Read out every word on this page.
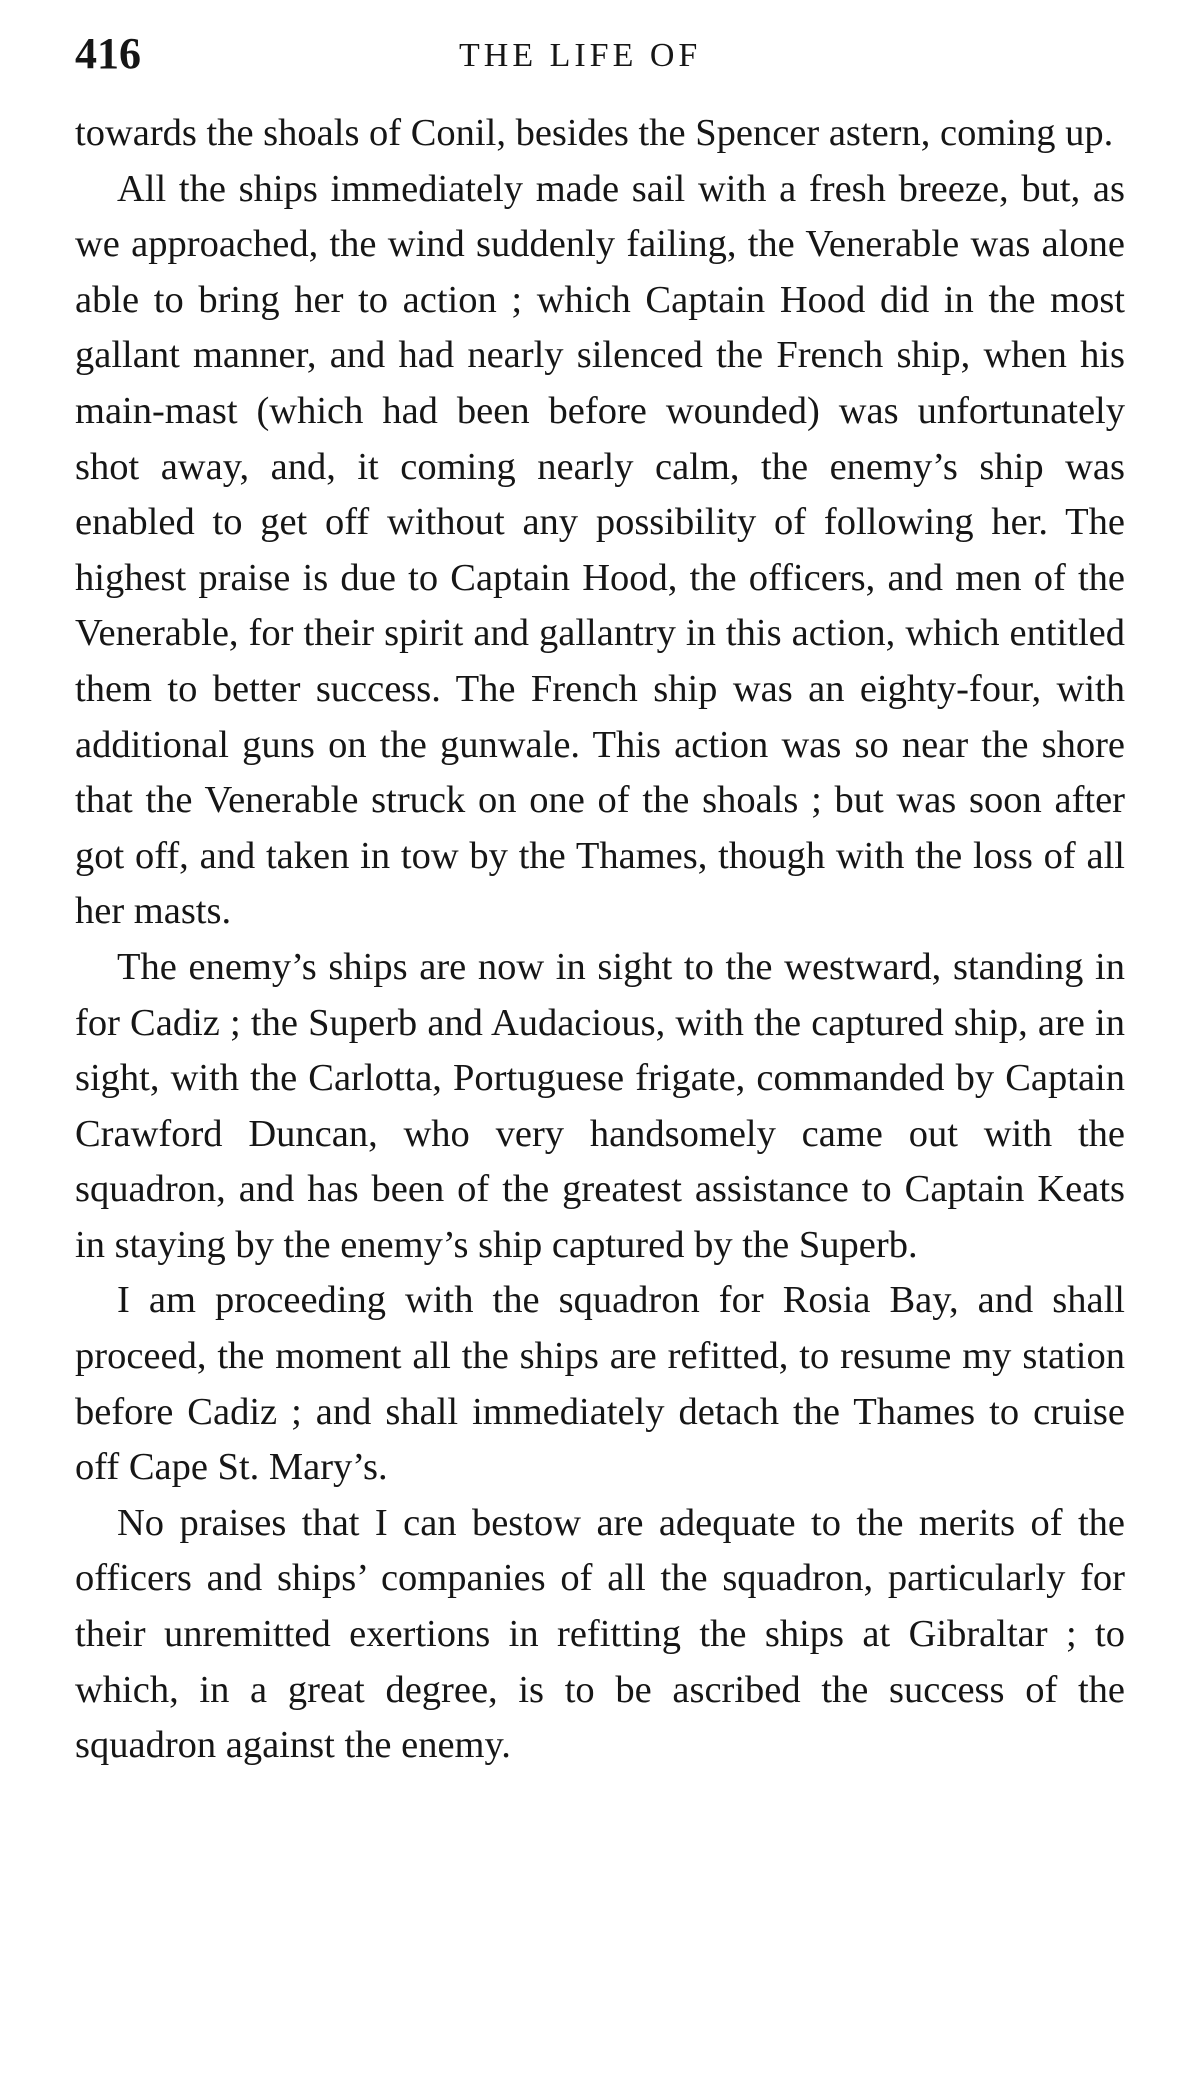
416	THE LIFE OF

towards the shoals of Conil, besides the Spencer astern, coming up.

All the ships immediately made sail with a fresh breeze, but, as we approached, the wind suddenly failing, the Venerable was alone able to bring her to action ; which Captain Hood did in the most gallant manner, and had nearly silenced the French ship, when his main-mast (which had been before wounded) was unfortunately shot away, and, it coming nearly calm, the enemy’s ship was enabled to get off without any possibility of following her. The highest praise is due to Captain Hood, the officers, and men of the Venerable, for their spirit and gallantry in this action, which entitled them to better success. The French ship was an eighty-four, with additional guns on the gunwale. This action was so near the shore that the Venerable struck on one of the shoals ; but was soon after got off, and taken in tow by the Thames, though with the loss of all her masts.

The enemy’s ships are now in sight to the westward, standing in for Cadiz ; the Superb and Audacious, with the captured ship, are in sight, with the Carlotta, Portuguese frigate, commanded by Captain Crawford Duncan, who very handsomely came out with the squadron, and has been of the greatest assistance to Captain Keats in staying by the enemy’s ship captured by the Superb.

I am proceeding with the squadron for Rosia Bay, and shall proceed, the moment all the ships are refitted, to resume my station before Cadiz ; and shall immediately detach the Thames to cruise off Cape St. Mary’s.

No praises that I can bestow are adequate to the merits of the officers and ships’ companies of all the squadron, particularly for their unremitted exertions in refitting the ships at Gibraltar ; to which, in a great degree, is to be ascribed the success of the squadron against the enemy.
